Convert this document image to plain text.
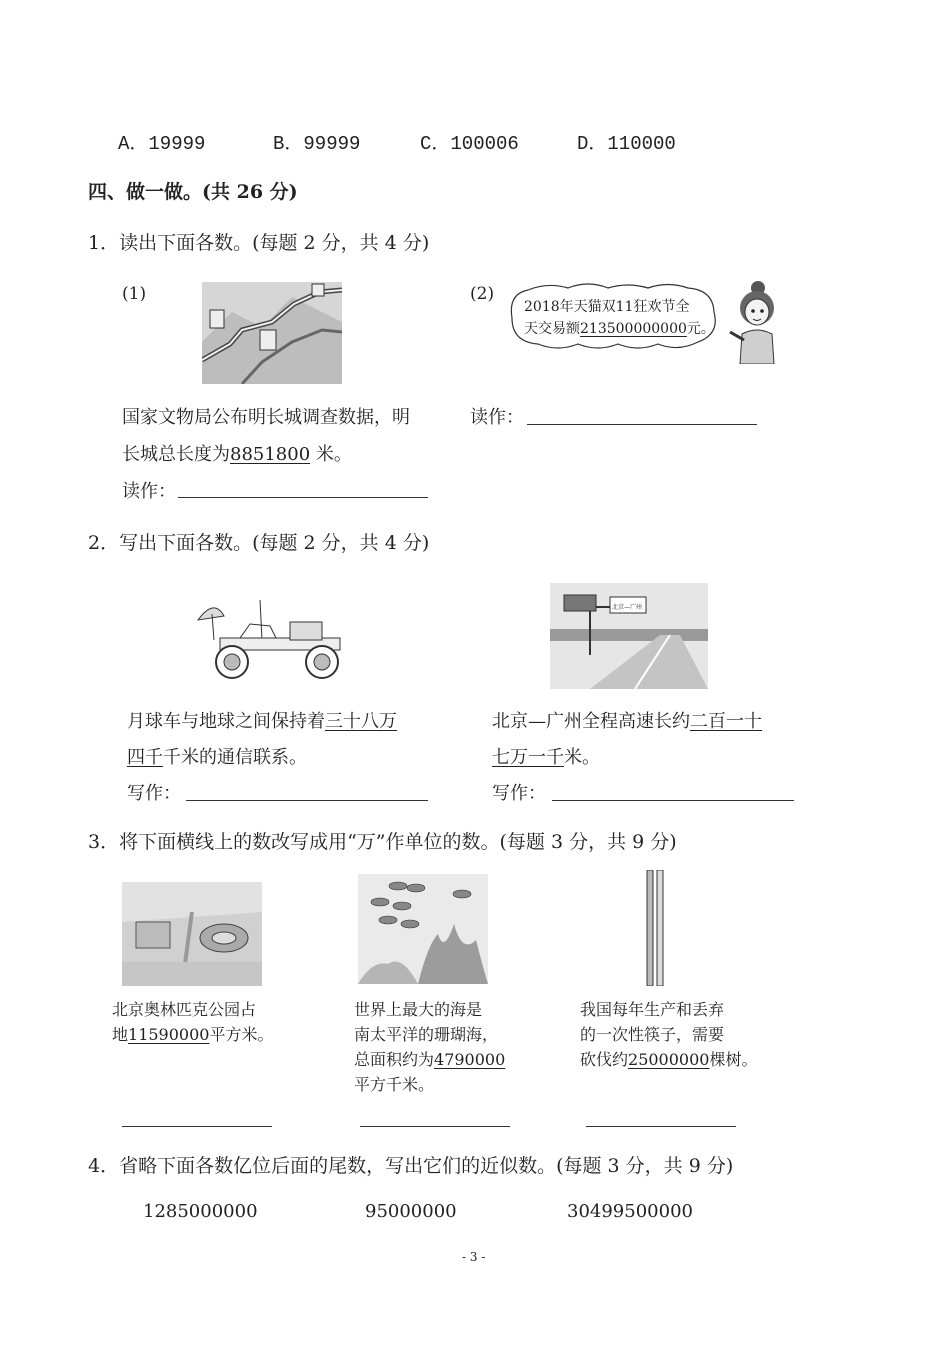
A．19999	B．99999	C．100006	D．110000
四、做一做。(共 26 分)
1．读出下面各数。(每题 2 分，共 4 分)
(1)
国家文物局公布明长城调查数据，明
长城总长度为8851800 米。
读作：
(2)
2018年天猫双11狂欢节全
天交易额213500000000元。
读作：
2．写出下面各数。(每题 2 分，共 4 分)
北京—广州
月球车与地球之间保持着三十八万
四千千米的通信联系。
写作：
北京—广州全程高速长约二百一十
七万一千米。
写作：
3．将下面横线上的数改写成用“万”作单位的数。(每题 3 分，共 9 分)
北京奥林匹克公园占
地11590000平方米。
世界上最大的海是
南太平洋的珊瑚海，
总面积约为4790000
平方千米。
我国每年生产和丢弃
的一次性筷子，需要
砍伐约25000000棵树。
4．省略下面各数亿位后面的尾数，写出它们的近似数。(每题 3 分，共 9 分)
1285000000	95000000	30499500000
- 3 -
